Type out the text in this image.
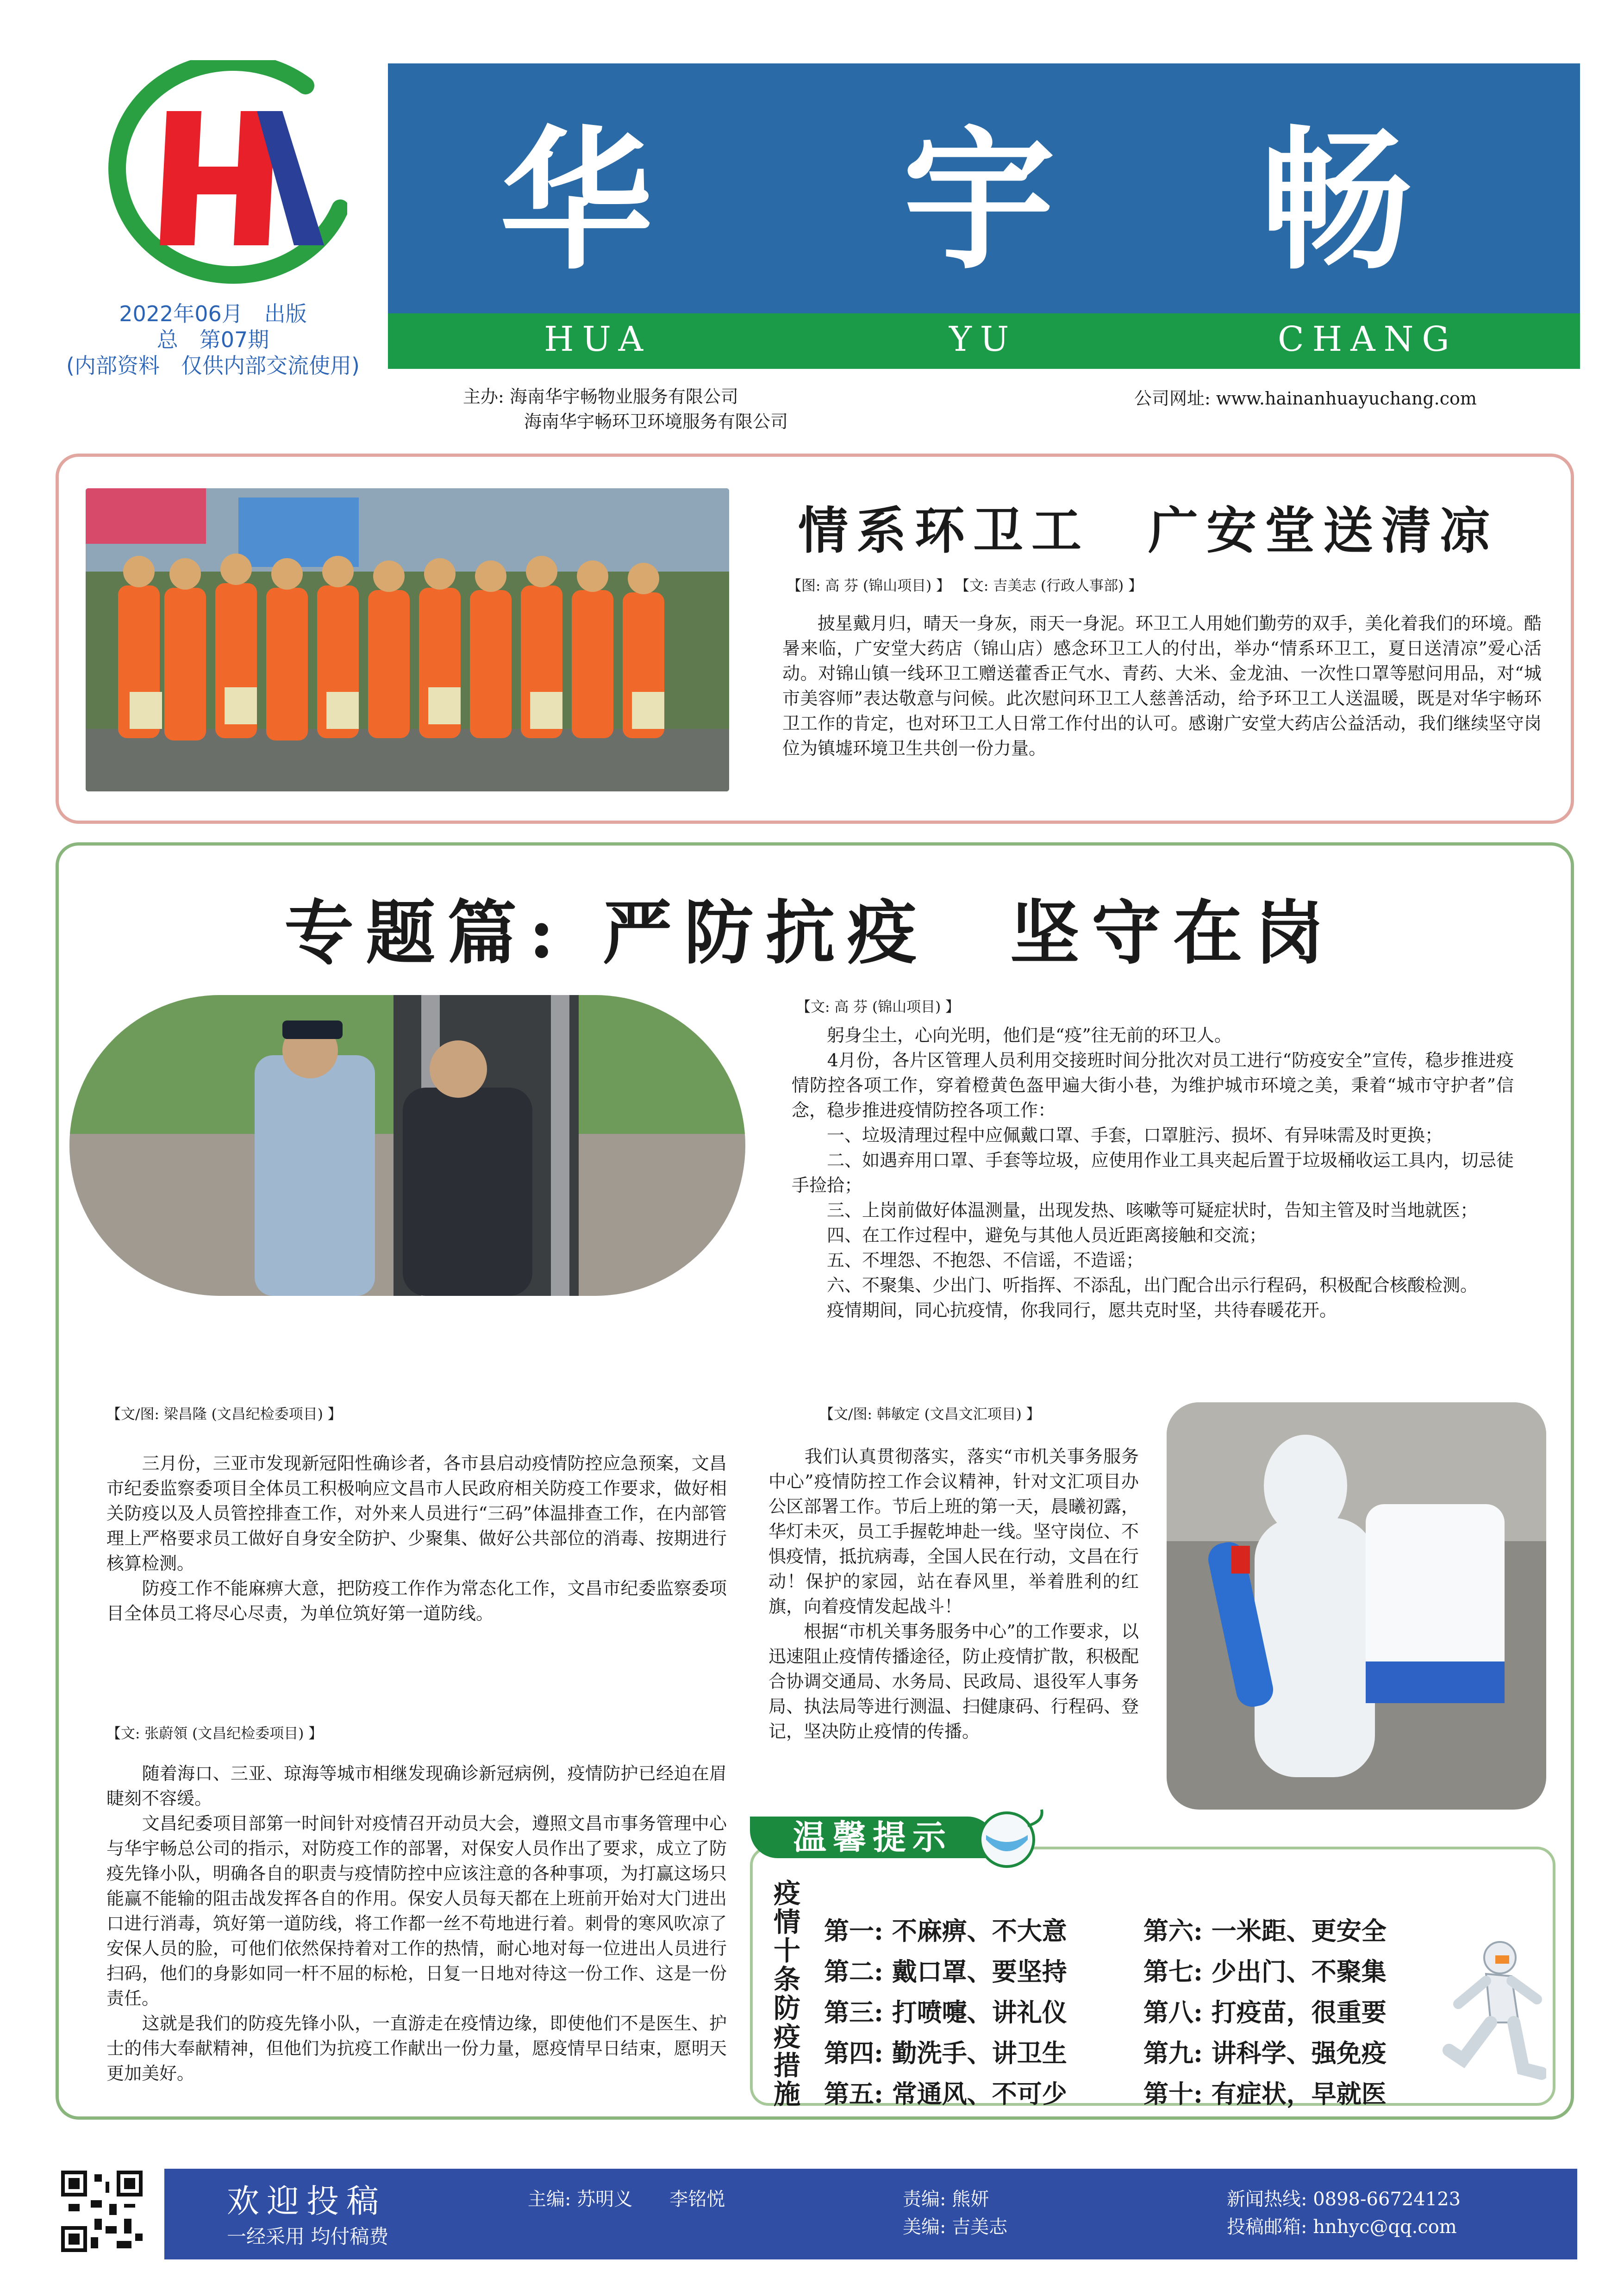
2022年06月　出版
总　第07期
(内部资料　仅供内部交流使用)
华 宇 畅
HUA	YU	CHANG
主办: 海南华宇畅物业服务有限公司
海南华宇畅环卫环境服务有限公司
公司网址: www.hainanhuayuchang.com
情系环卫工　广安堂送清凉
【图: 高 芬 (锦山项目) 】 【文: 吉美志 (行政人事部) 】
披星戴月归，晴天一身灰，雨天一身泥。环卫工人用她们勤劳的双手，美化着我们的环境。酷暑来临，广安堂大药店（锦山店）感念环卫工人的付出，举办“情系环卫工，夏日送清凉”爱心活动。对锦山镇一线环卫工赠送藿香正气水、青药、大米、金龙油、一次性口罩等慰问用品，对“城市美容师”表达敬意与问候。此次慰问环卫工人慈善活动，给予环卫工人送温暖，既是对华宇畅环卫工作的肯定，也对环卫工人日常工作付出的认可。感谢广安堂大药店公益活动，我们继续坚守岗位为镇墟环境卫生共创一份力量。
专题篇: 严防抗疫　坚守在岗
【文: 高 芬 (锦山项目) 】
　　躬身尘土，心向光明，他们是“疫”往无前的环卫人。
　　4月份，各片区管理人员利用交接班时间分批次对员工进行“防疫安全”宣传，稳步推进疫情防控各项工作，穿着橙黄色盔甲遍大街小巷，为维护城市环境之美，秉着“城市守护者”信念，稳步推进疫情防控各项工作：
　　一、垃圾清理过程中应佩戴口罩、手套，口罩脏污、损坏、有异味需及时更换；
　　二、如遇弃用口罩、手套等垃圾，应使用作业工具夹起后置于垃圾桶收运工具内，切忌徒手捡拾；
　　三、上岗前做好体温测量，出现发热、咳嗽等可疑症状时，告知主管及时当地就医；
　　四、在工作过程中，避免与其他人员近距离接触和交流；
　　五、不埋怨、不抱怨、不信谣，不造谣；
　　六、不聚集、少出门、听指挥、不添乱，出门配合出示行程码，积极配合核酸检测。
　　疫情期间，同心抗疫情，你我同行，愿共克时坚，共待春暖花开。
【文/图: 梁昌隆 (文昌纪检委项目) 】
　　三月份，三亚市发现新冠阳性确诊者，各市县启动疫情防控应急预案，文昌市纪委监察委项目全体员工积极响应文昌市人民政府相关防疫工作要求，做好相关防疫以及人员管控排查工作，对外来人员进行“三码”体温排查工作，在内部管理上严格要求员工做好自身安全防护、少聚集、做好公共部位的消毒、按期进行核算检测。
　　防疫工作不能麻痹大意，把防疫工作作为常态化工作，文昌市纪委监察委项目全体员工将尽心尽责，为单位筑好第一道防线。
【文: 张蔚領 (文昌纪检委项目) 】
　　随着海口、三亚、琼海等城市相继发现确诊新冠病例，疫情防护已经迫在眉睫刻不容缓。
　　文昌纪委项目部第一时间针对疫情召开动员大会，遵照文昌市事务管理中心与华宇畅总公司的指示，对防疫工作的部署，对保安人员作出了要求，成立了防疫先锋小队，明确各自的职责与疫情防控中应该注意的各种事项，为打赢这场只能赢不能输的阻击战发挥各自的作用。保安人员每天都在上班前开始对大门进出口进行消毒，筑好第一道防线，将工作都一丝不苟地进行着。刺骨的寒风吹凉了安保人员的脸，可他们依然保持着对工作的热情，耐心地对每一位进出人员进行扫码，他们的身影如同一杆不屈的标枪，日复一日地对待这一份工作、这是一份责任。
　　这就是我们的防疫先锋小队，一直游走在疫情边缘，即使他们不是医生、护士的伟大奉献精神，但他们为抗疫工作献出一份力量，愿疫情早日结束，愿明天更加美好。
【文/图: 韩敏定 (文昌文汇项目) 】
　　我们认真贯彻落实，落实“市机关事务服务中心”疫情防控工作会议精神，针对文汇项目办公区部署工作。节后上班的第一天，晨曦初露，华灯未灭，员工手握乾坤赴一线。坚守岗位、不惧疫情，抵抗病毒，全国人民在行动，文昌在行动！保护的家园，站在春风里，举着胜利的红旗，向着疫情发起战斗！
　　根据“市机关事务服务中心”的工作要求，以迅速阻止疫情传播途径，防止疫情扩散，积极配合协调交通局、水务局、民政局、退役军人事务局、执法局等进行测温、扫健康码、行程码、登记，坚决防止疫情的传播。
温馨提示
疫情十条防疫措施
第一: 不麻痹、不大意
第二: 戴口罩、要坚持
第三: 打喷嚏、讲礼仪
第四: 勤洗手、讲卫生
第五: 常通风、不可少
第六: 一米距、更安全
第七: 少出门、不聚集
第八: 打疫苗，很重要
第九: 讲科学、强免疫
第十: 有症状，早就医
欢迎投稿
一经采用 均付稿费
主编: 苏明义　　李铭悦	责编: 熊妍
美编: 吉美志
新闻热线: 0898-66724123
投稿邮箱: hnhyc@qq.com
